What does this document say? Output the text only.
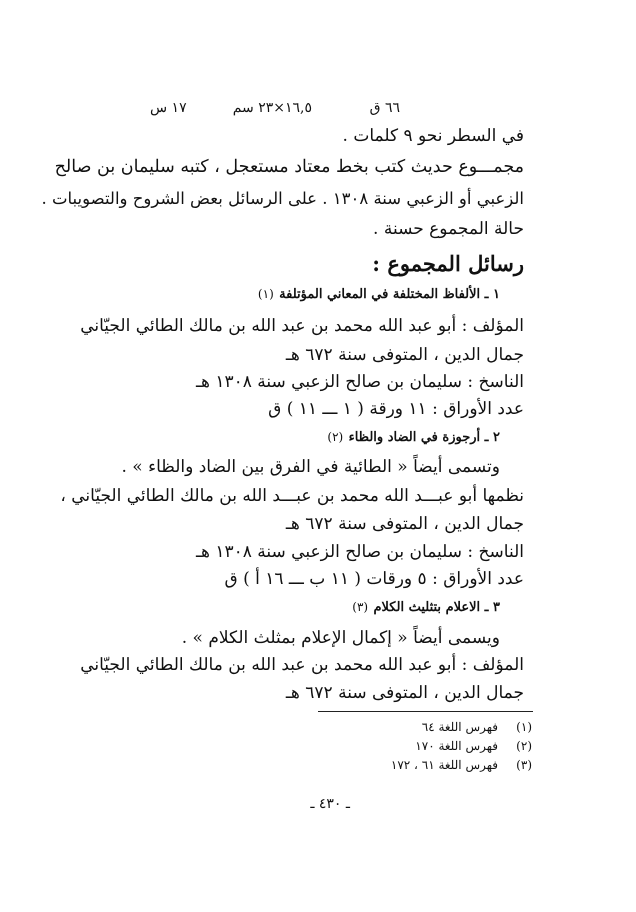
٦٦ ق
١٦,٥×٢٣ سم
١٧ س
في السطر نحو ٩ كلمات .
مجمـــوع حديث كتب بخط معتاد مستعجل ، كتبه سليمان بن صالح
الزعبي أو الزعبي سنة ١٣٠٨ . على الرسائل بعض الشروح والتصويبات .
حالة المجموع حسنة .
رسائل المجموع :
١ ـ الألفاظ المختلفة في المعاني المؤتلفة (١)
المؤلف : أبو عبد الله محمد بن عبد الله بن مالك الطائي الجيّاني
جمال الدين ، المتوفى سنة ٦٧٢ هـ
الناسخ : سليمان بن صالح الزعبي سنة ١٣٠٨ هـ
عدد الأوراق : ١١ ورقة ( ١ ـــ ١١ ) ق
٢ ـ أرجوزة في الضاد والظاء (٢)
وتسمى أيضاً « الطائية في الفرق بين الضاد والظاء » .
نظمها أبو عبـــد الله محمد بن عبـــد الله بن مالك الطائي الجيّاني ،
جمال الدين ، المتوفى سنة ٦٧٢ هـ
الناسخ : سليمان بن صالح الزعبي سنة ١٣٠٨ هـ
عدد الأوراق : ٥ ورقات ( ١١ ب ـــ ١٦ أ ) ق
٣ ـ الاعلام بتثليث الكلام (٣)
ويسمى أيضاً « إكمال الإعلام بمثلث الكلام » .
المؤلف : أبو عبد الله محمد بن عبد الله بن مالك الطائي الجيّاني
جمال الدين ، المتوفى سنة ٦٧٢ هـ
(١)فهرس اللغة ٦٤
(٢)فهرس اللغة ١٧٠
(٣)فهرس اللغة ٦١ ، ١٧٢
ـ ٤٣٠ ـ
